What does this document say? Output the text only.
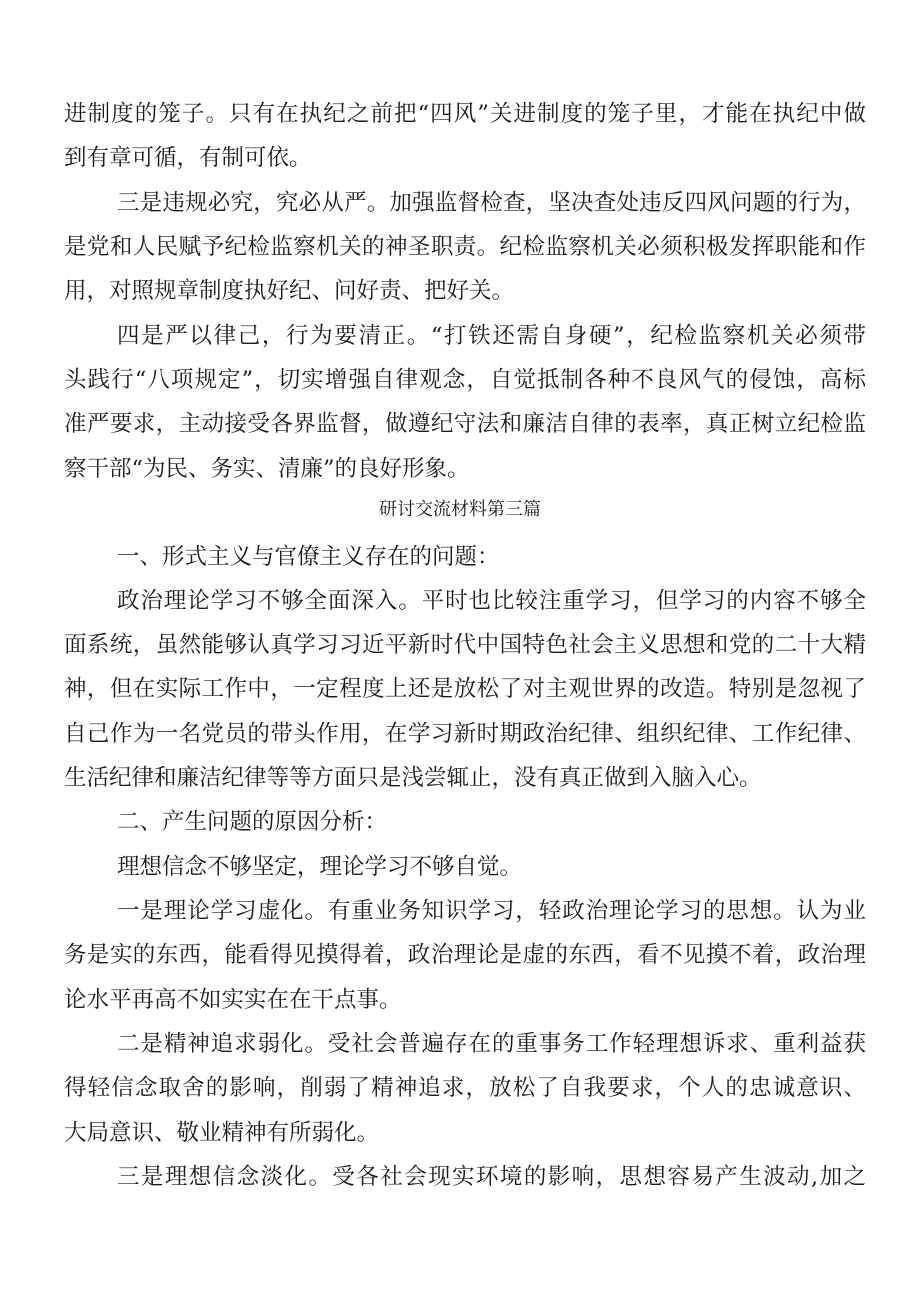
进制度的笼子。只有在执纪之前把“四风”关进制度的笼子里，才能在执纪中做
到有章可循，有制可依。
三是违规必究，究必从严。加强监督检查，坚决查处违反四风问题的行为，
是党和人民赋予纪检监察机关的神圣职责。纪检监察机关必须积极发挥职能和作
用，对照规章制度执好纪、问好责、把好关。
四是严以律己，行为要清正。“打铁还需自身硬”，纪检监察机关必须带
头践行“八项规定”，切实增强自律观念，自觉抵制各种不良风气的侵蚀，高标
准严要求，主动接受各界监督，做遵纪守法和廉洁自律的表率，真正树立纪检监
察干部“为民、务实、清廉”的良好形象。
研讨交流材料第三篇
一、形式主义与官僚主义存在的问题：
政治理论学习不够全面深入。平时也比较注重学习，但学习的内容不够全
面系统，虽然能够认真学习习近平新时代中国特色社会主义思想和党的二十大精
神，但在实际工作中，一定程度上还是放松了对主观世界的改造。特别是忽视了
自己作为一名党员的带头作用，在学习新时期政治纪律、组织纪律、工作纪律、
生活纪律和廉洁纪律等等方面只是浅尝辄止，没有真正做到入脑入心。
二、产生问题的原因分析：
理想信念不够坚定，理论学习不够自觉。
一是理论学习虚化。有重业务知识学习，轻政治理论学习的思想。认为业
务是实的东西，能看得见摸得着，政治理论是虚的东西，看不见摸不着，政治理
论水平再高不如实实在在干点事。
二是精神追求弱化。受社会普遍存在的重事务工作轻理想诉求、重利益获
得轻信念取舍的影响，削弱了精神追求，放松了自我要求，个人的忠诚意识、
大局意识、敬业精神有所弱化。
三是理想信念淡化。受各社会现实环境的影响，思想容易产生波动,加之
